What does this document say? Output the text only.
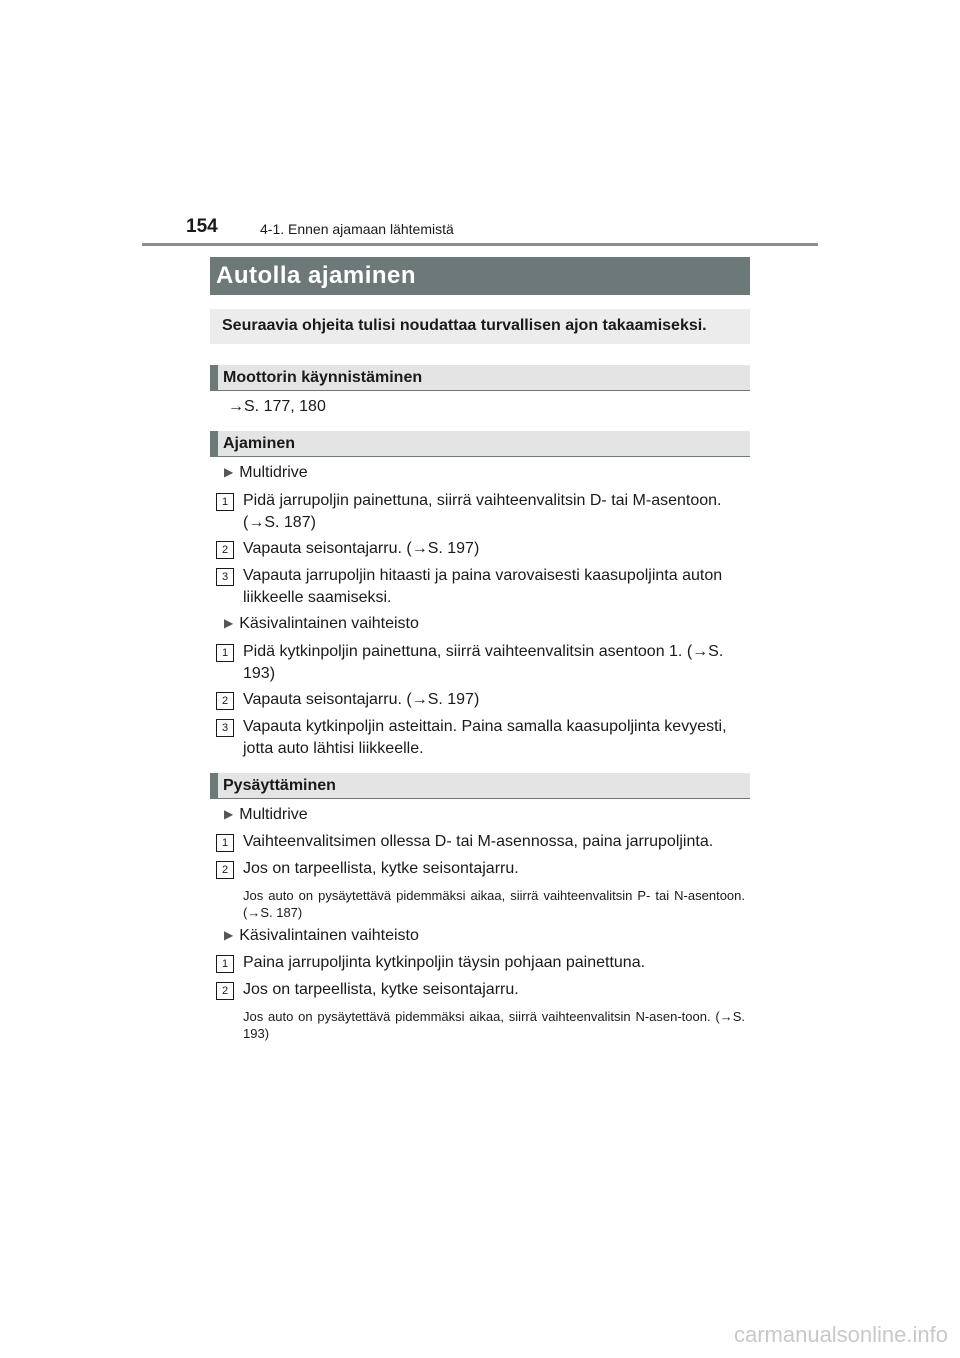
154	4-1. Ennen ajamaan lähtemistä
Autolla ajaminen
Seuraavia ohjeita tulisi noudattaa turvallisen ajon takaamiseksi.
Moottorin käynnistäminen
→S. 177, 180
Ajaminen
▶ Multidrive
1 Pidä jarrupoljin painettuna, siirrä vaihteenvalitsin D- tai M-asentoon. (→S. 187)
2 Vapauta seisontajarru. (→S. 197)
3 Vapauta jarrupoljin hitaasti ja paina varovaisesti kaasupoljinta auton liikkeelle saamiseksi.
▶ Käsivalintainen vaihteisto
1 Pidä kytkinpoljin painettuna, siirrä vaihteenvalitsin asentoon 1. (→S. 193)
2 Vapauta seisontajarru. (→S. 197)
3 Vapauta kytkinpoljin asteittain. Paina samalla kaasupoljinta kevyesti, jotta auto lähtisi liikkeelle.
Pysäyttäminen
▶ Multidrive
1 Vaihteenvalitsimen ollessa D- tai M-asennossa, paina jarrupoljinta.
2 Jos on tarpeellista, kytke seisontajarru.
Jos auto on pysäytettävä pidemmäksi aikaa, siirrä vaihteenvalitsin P- tai N-asentoon. (→S. 187)
▶ Käsivalintainen vaihteisto
1 Paina jarrupoljinta kytkinpoljin täysin pohjaan painettuna.
2 Jos on tarpeellista, kytke seisontajarru.
Jos auto on pysäytettävä pidemmäksi aikaa, siirrä vaihteenvalitsin N-asen-toon. (→S. 193)
carmanualsonline.info
